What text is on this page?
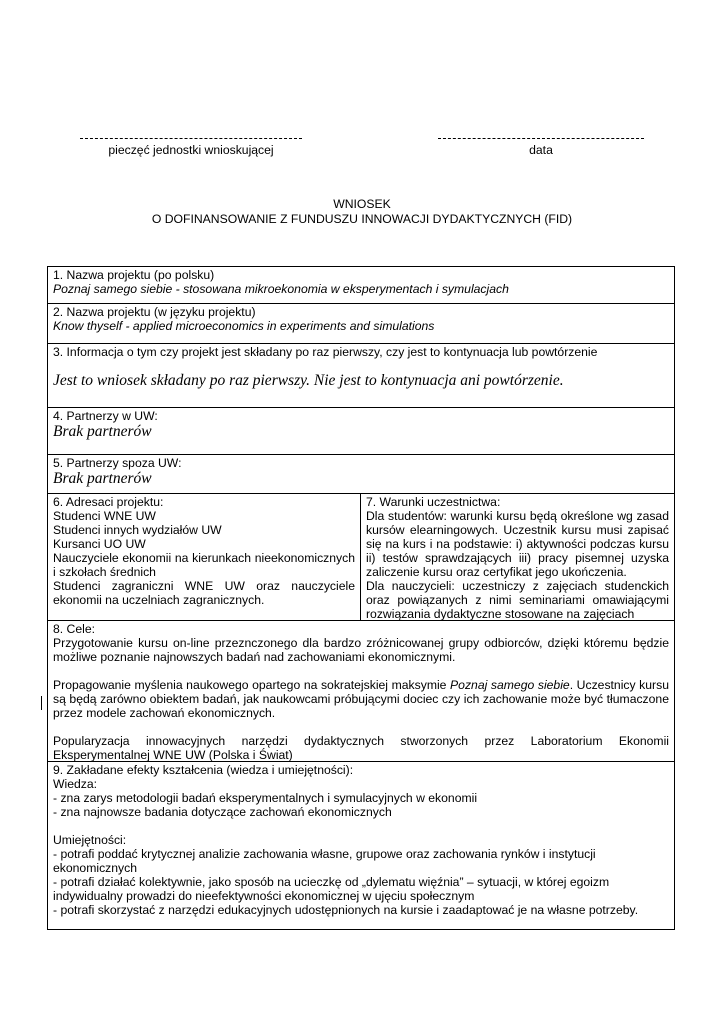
pieczęć jednostki wnioskującej	data
WNIOSEK
O DOFINANSOWANIE Z FUNDUSZU INNOWACJI DYDAKTYCZNYCH (FID)
1. Nazwa projektu (po polsku)
Poznaj samego siebie - stosowana mikroekonomia w eksperymentach i symulacjach
2. Nazwa projektu (w języku projektu)
Know thyself - applied microeconomics in experiments and simulations
3. Informacja o tym czy projekt jest składany po raz pierwszy, czy jest to kontynuacja lub powtórzenie
Jest to wniosek składany po raz pierwszy. Nie jest to kontynuacja ani powtórzenie.
4. Partnerzy w UW:
Brak partnerów
5. Partnerzy spoza UW:
Brak partnerów
6. Adresaci projektu:
Studenci WNE UW
Studenci innych wydziałów UW
Kursanci UO UW
Nauczyciele ekonomii na kierunkach nieekonomicznych i szkołach średnich
Studenci zagraniczni WNE UW oraz nauczyciele ekonomii na uczelniach zagranicznych.
7. Warunki uczestnictwa:
Dla studentów: warunki kursu będą określone wg zasad kursów elearningowych. Uczestnik kursu musi zapisać się na kurs i na podstawie: i) aktywności podczas kursu ii) testów sprawdzających iii) pracy pisemnej uzyska zaliczenie kursu oraz certyfikat jego ukończenia.
Dla nauczycieli: uczestniczy z zajęciach studenckich oraz powiązanych z nimi seminariami omawiającymi rozwiązania dydaktyczne stosowane na zajęciach
8. Cele:
Przygotowanie kursu on-line przeznczonego dla bardzo zróżnicowanej grupy odbiorców, dzięki któremu będzie możliwe poznanie najnowszych badań nad zachowaniami ekonomicznymi.
Propagowanie myślenia naukowego opartego na sokratejskiej maksymie Poznaj samego siebie. Uczestnicy kursu są będą zarówno obiektem badań, jak naukowcami próbującymi dociec czy ich zachowanie może być tłumaczone przez modele zachowań ekonomicznych.
Popularyzacja innowacyjnych narzędzi dydaktycznych stworzonych przez Laboratorium Ekonomii Eksperymentalnej WNE UW (Polska i Świat)
9. Zakładane efekty kształcenia (wiedza i umiejętności):
Wiedza:
- zna zarys metodologii badań eksperymentalnych i symulacyjnych w ekonomii
- zna najnowsze badania dotyczące zachowań ekonomicznych
Umiejętności:
- potrafi poddać krytycznej analizie zachowania własne, grupowe oraz zachowania rynków i instytucji ekonomicznych
- potrafi działać kolektywnie, jako sposób na ucieczkę od „dylematu więźnia” – sytuacji, w której egoizm indywidualny prowadzi do nieefektywności ekonomicznej w ujęciu społecznym
- potrafi skorzystać z narzędzi edukacyjnych udostępnionych na kursie i zaadaptować je na własne potrzeby.
